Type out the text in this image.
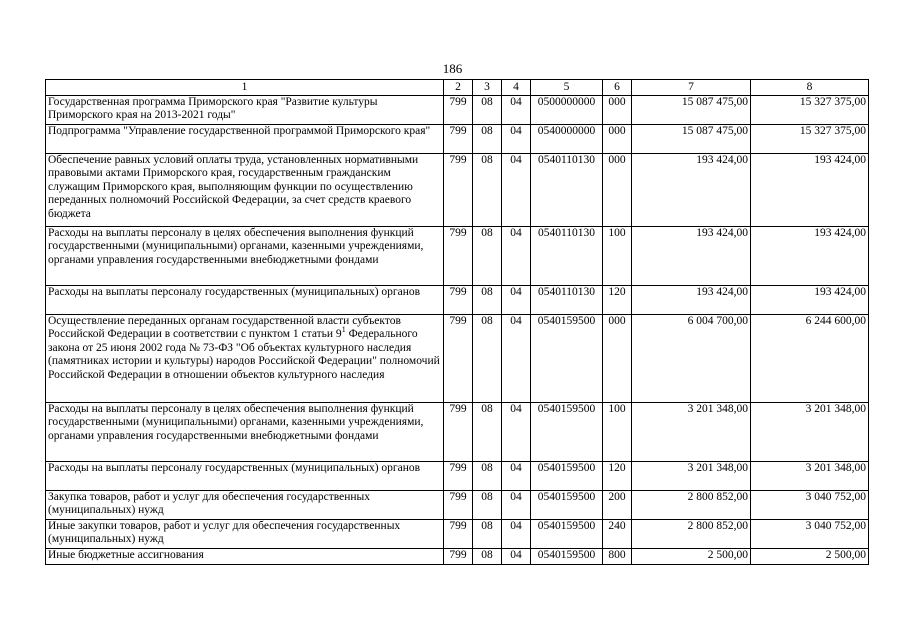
186
1	2	3	4	5	6	7	8
Государственная программа Приморского края "Развитие культуры Приморского края на 2013-2021 годы"	799	08	04	0500000000	000	15 087 475,00	15 327 375,00
Подпрограмма "Управление государственной программой Приморского края"	799	08	04	0540000000	000	15 087 475,00	15 327 375,00
Обеспечение равных условий оплаты труда, установленных нормативными правовыми актами Приморского края, государственным гражданским служащим Приморского края, выполняющим функции по осуществлению переданных полномочий Российской Федерации, за счет средств краевого бюджета	799	08	04	0540110130	000	193 424,00	193 424,00
Расходы на выплаты персоналу в целях обеспечения выполнения функций государственными (муниципальными) органами, казенными учреждениями, органами управления государственными внебюджетными фондами	799	08	04	0540110130	100	193 424,00	193 424,00
Расходы на выплаты персоналу государственных (муниципальных) органов	799	08	04	0540110130	120	193 424,00	193 424,00
Осуществление переданных органам государственной власти субъектов Российской Федерации в соответствии с пунктом 1 статьи $9^1$ Федерального закона от 25 июня 2002 года № 73-ФЗ "Об объектах культурного наследия (памятниках истории и культуры) народов Российской Федерации" полномочий Российской Федерации в отношении объектов культурного наследия	799	08	04	0540159500	000	6 004 700,00	6 244 600,00
Расходы на выплаты персоналу в целях обеспечения выполнения функций государственными (муниципальными) органами, казенными учреждениями, органами управления государственными внебюджетными фондами	799	08	04	0540159500	100	3 201 348,00	3 201 348,00
Расходы на выплаты персоналу государственных (муниципальных) органов	799	08	04	0540159500	120	3 201 348,00	3 201 348,00
Закупка товаров, работ и услуг для обеспечения государственных (муниципальных) нужд	799	08	04	0540159500	200	2 800 852,00	3 040 752,00
Иные закупки товаров, работ и услуг для обеспечения государственных (муниципальных) нужд	799	08	04	0540159500	240	2 800 852,00	3 040 752,00
Иные бюджетные ассигнования	799	08	04	0540159500	800	2 500,00	2 500,00
